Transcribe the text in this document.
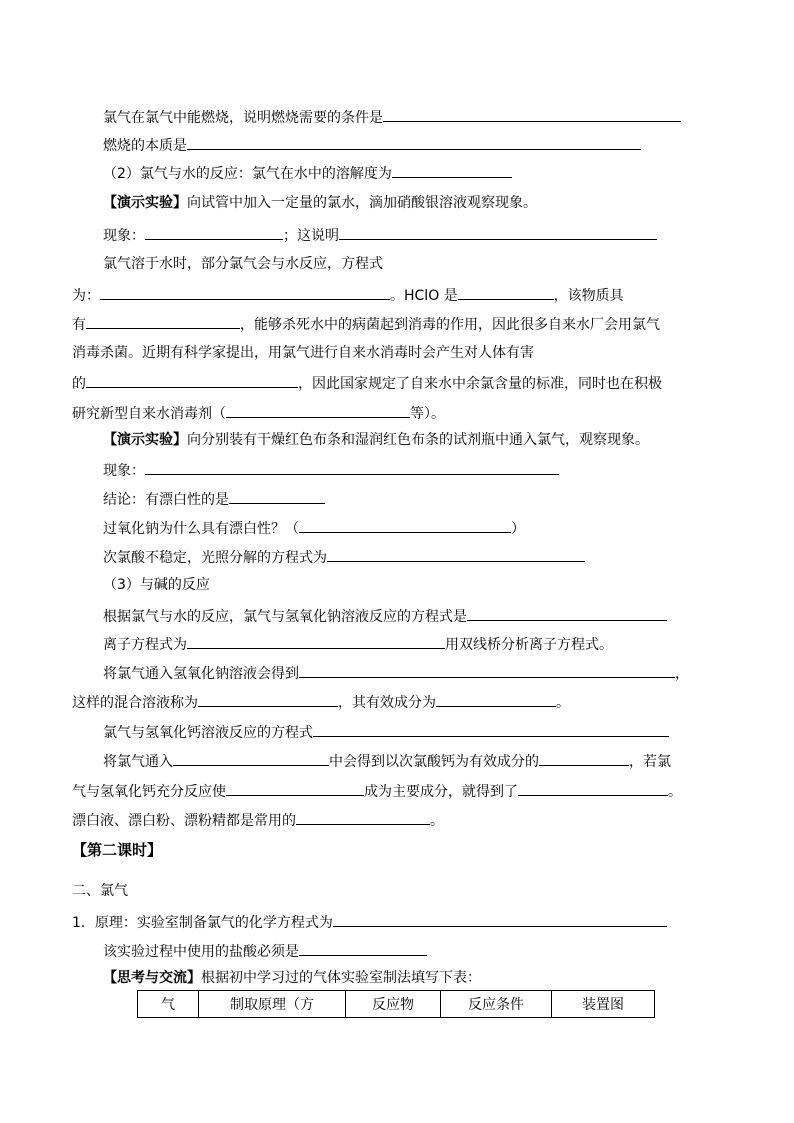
氯气在氯气中能燃烧，说明燃烧需要的条件是
燃烧的本质是
（2）氯气与水的反应：氯气在水中的溶解度为
【演示实验】向试管中加入一定量的氯水，滴加硝酸银溶液观察现象。
现象：	；这说明
氯气溶于水时，部分氯气会与水反应，方程式
为：	。HClO 是	，该物质具
有	，能够杀死水中的病菌起到消毒的作用，因此很多自来水厂会用氯气
消毒杀菌。近期有科学家提出，用氯气进行自来水消毒时会产生对人体有害
的	，因此国家规定了自来水中余氯含量的标准，同时也在积极
研究新型自来水消毒剂（	等）。
【演示实验】向分别装有干燥红色布条和湿润红色布条的试剂瓶中通入氯气，观察现象。
现象：
结论：有漂白性的是
过氧化钠为什么具有漂白性？（	）
次氯酸不稳定，光照分解的方程式为
（3）与碱的反应
根据氯气与水的反应，氯气与氢氧化钠溶液反应的方程式是
离子方程式为	用双线桥分析离子方程式。
将氯气通入氢氧化钠溶液会得到	，
这样的混合溶液称为	，其有效成分为	。
氯气与氢氧化钙溶液反应的方程式
将氯气通入	中会得到以次氯酸钙为有效成分的	，若氯
气与氢氧化钙充分反应使	成为主要成分，就得到了	。
漂白液、漂白粉、漂粉精都是常用的	。
【第二课时】
二、氯气
1．原理：实验室制备氯气的化学方程式为
该实验过程中使用的盐酸必须是
【思考与交流】根据初中学习过的气体实验室制法填写下表：
气	制取原理（方	反应物	反应条件	装置图
